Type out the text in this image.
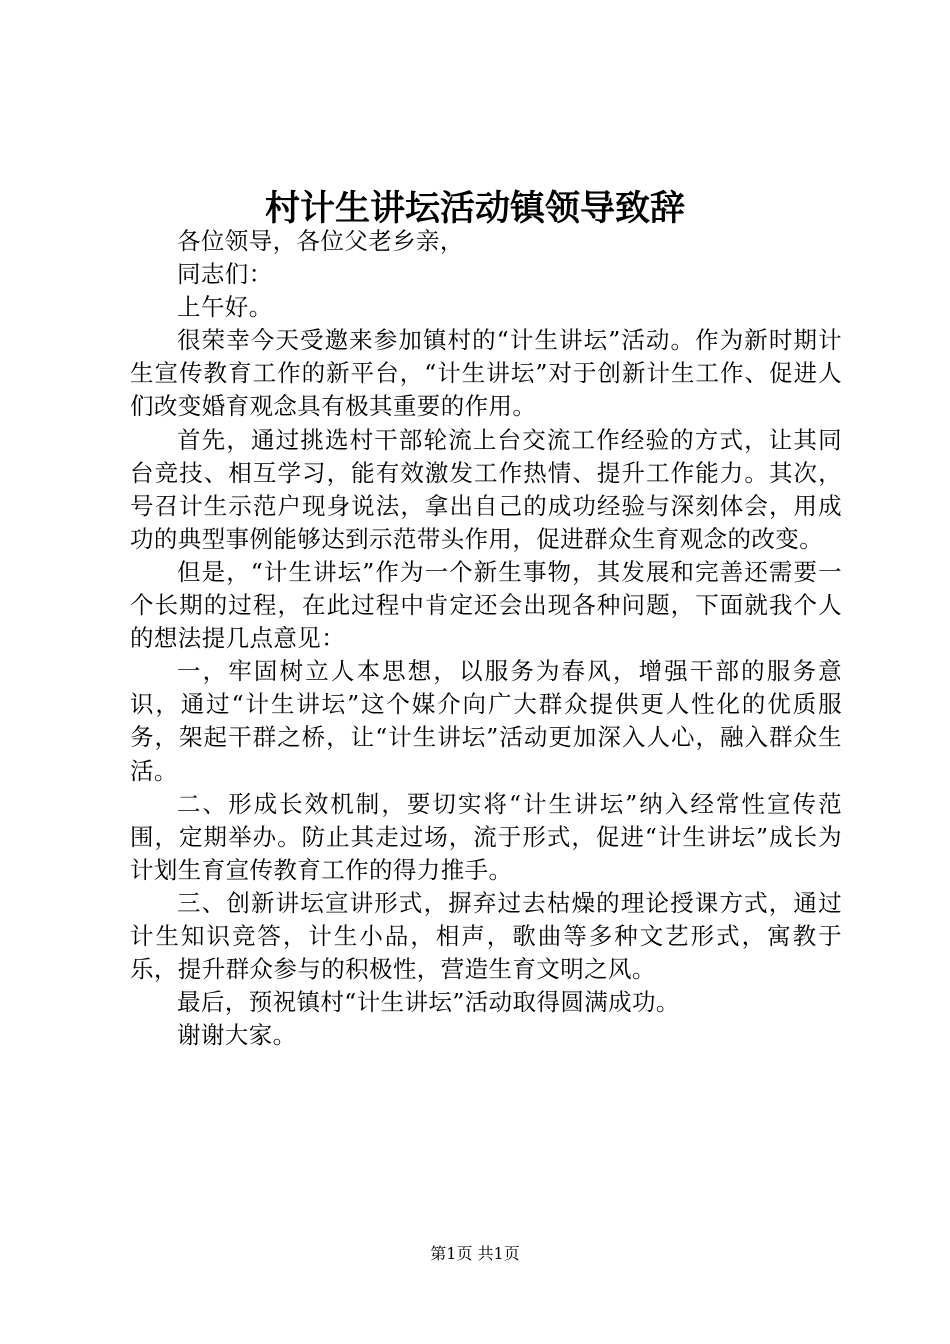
村计生讲坛活动镇领导致辞

各位领导，各位父老乡亲，

同志们：

上午好。

很荣幸今天受邀来参加镇村的“计生讲坛”活动。作为新时期计生宣传教育工作的新平台，“计生讲坛”对于创新计生工作、促进人们改变婚育观念具有极其重要的作用。

首先，通过挑选村干部轮流上台交流工作经验的方式，让其同台竞技、相互学习，能有效激发工作热情、提升工作能力。其次，号召计生示范户现身说法，拿出自己的成功经验与深刻体会，用成功的典型事例能够达到示范带头作用，促进群众生育观念的改变。

但是，“计生讲坛”作为一个新生事物，其发展和完善还需要一个长期的过程，在此过程中肯定还会出现各种问题，下面就我个人的想法提几点意见：

一，牢固树立人本思想，以服务为春风，增强干部的服务意识，通过“计生讲坛”这个媒介向广大群众提供更人性化的优质服务，架起干群之桥，让“计生讲坛”活动更加深入人心，融入群众生活。

二、形成长效机制，要切实将“计生讲坛”纳入经常性宣传范围，定期举办。防止其走过场，流于形式，促进“计生讲坛”成长为计划生育宣传教育工作的得力推手。

三、创新讲坛宣讲形式，摒弃过去枯燥的理论授课方式，通过计生知识竞答，计生小品，相声，歌曲等多种文艺形式，寓教于乐，提升群众参与的积极性，营造生育文明之风。

最后，预祝镇村“计生讲坛”活动取得圆满成功。

谢谢大家。

第1页 共1页
